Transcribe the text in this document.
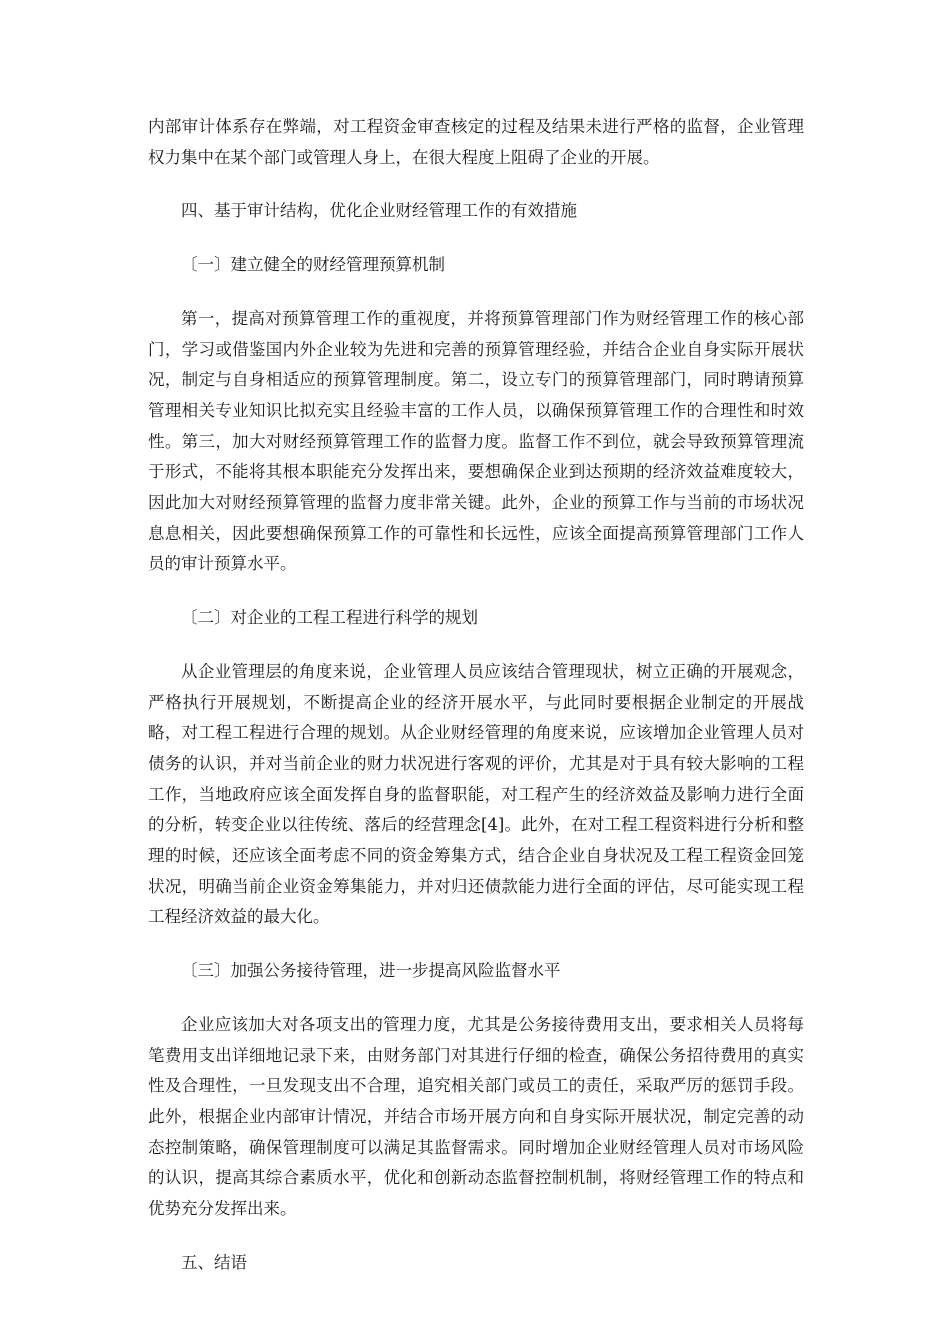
内部审计体系存在弊端，对工程资金审查核定的过程及结果未进行严格的监督，企业管理权力集中在某个部门或管理人身上，在很大程度上阻碍了企业的开展。

四、基于审计结构，优化企业财经管理工作的有效措施

〔一〕建立健全的财经管理预算机制

第一，提高对预算管理工作的重视度，并将预算管理部门作为财经管理工作的核心部门，学习或借鉴国内外企业较为先进和完善的预算管理经验，并结合企业自身实际开展状况，制定与自身相适应的预算管理制度。第二，设立专门的预算管理部门，同时聘请预算管理相关专业知识比拟充实且经验丰富的工作人员，以确保预算管理工作的合理性和时效性。第三，加大对财经预算管理工作的监督力度。监督工作不到位，就会导致预算管理流于形式，不能将其根本职能充分发挥出来，要想确保企业到达预期的经济效益难度较大，因此加大对财经预算管理的监督力度非常关键。此外，企业的预算工作与当前的市场状况息息相关，因此要想确保预算工作的可靠性和长远性，应该全面提高预算管理部门工作人员的审计预算水平。

〔二〕对企业的工程工程进行科学的规划

从企业管理层的角度来说，企业管理人员应该结合管理现状，树立正确的开展观念，严格执行开展规划，不断提高企业的经济开展水平，与此同时要根据企业制定的开展战略，对工程工程进行合理的规划。从企业财经管理的角度来说，应该增加企业管理人员对债务的认识，并对当前企业的财力状况进行客观的评价，尤其是对于具有较大影响的工程工作，当地政府应该全面发挥自身的监督职能，对工程产生的经济效益及影响力进行全面的分析，转变企业以往传统、落后的经营理念[4]。此外，在对工程工程资料进行分析和整理的时候，还应该全面考虑不同的资金筹集方式，结合企业自身状况及工程工程资金回笼状况，明确当前企业资金筹集能力，并对归还债款能力进行全面的评估，尽可能实现工程工程经济效益的最大化。

〔三〕加强公务接待管理，进一步提高风险监督水平

企业应该加大对各项支出的管理力度，尤其是公务接待费用支出，要求相关人员将每笔费用支出详细地记录下来，由财务部门对其进行仔细的检查，确保公务招待费用的真实性及合理性，一旦发现支出不合理，追究相关部门或员工的责任，采取严厉的惩罚手段。此外，根据企业内部审计情况，并结合市场开展方向和自身实际开展状况，制定完善的动态控制策略，确保管理制度可以满足其监督需求。同时增加企业财经管理人员对市场风险的认识，提高其综合素质水平，优化和创新动态监督控制机制，将财经管理工作的特点和优势充分发挥出来。

五、结语
